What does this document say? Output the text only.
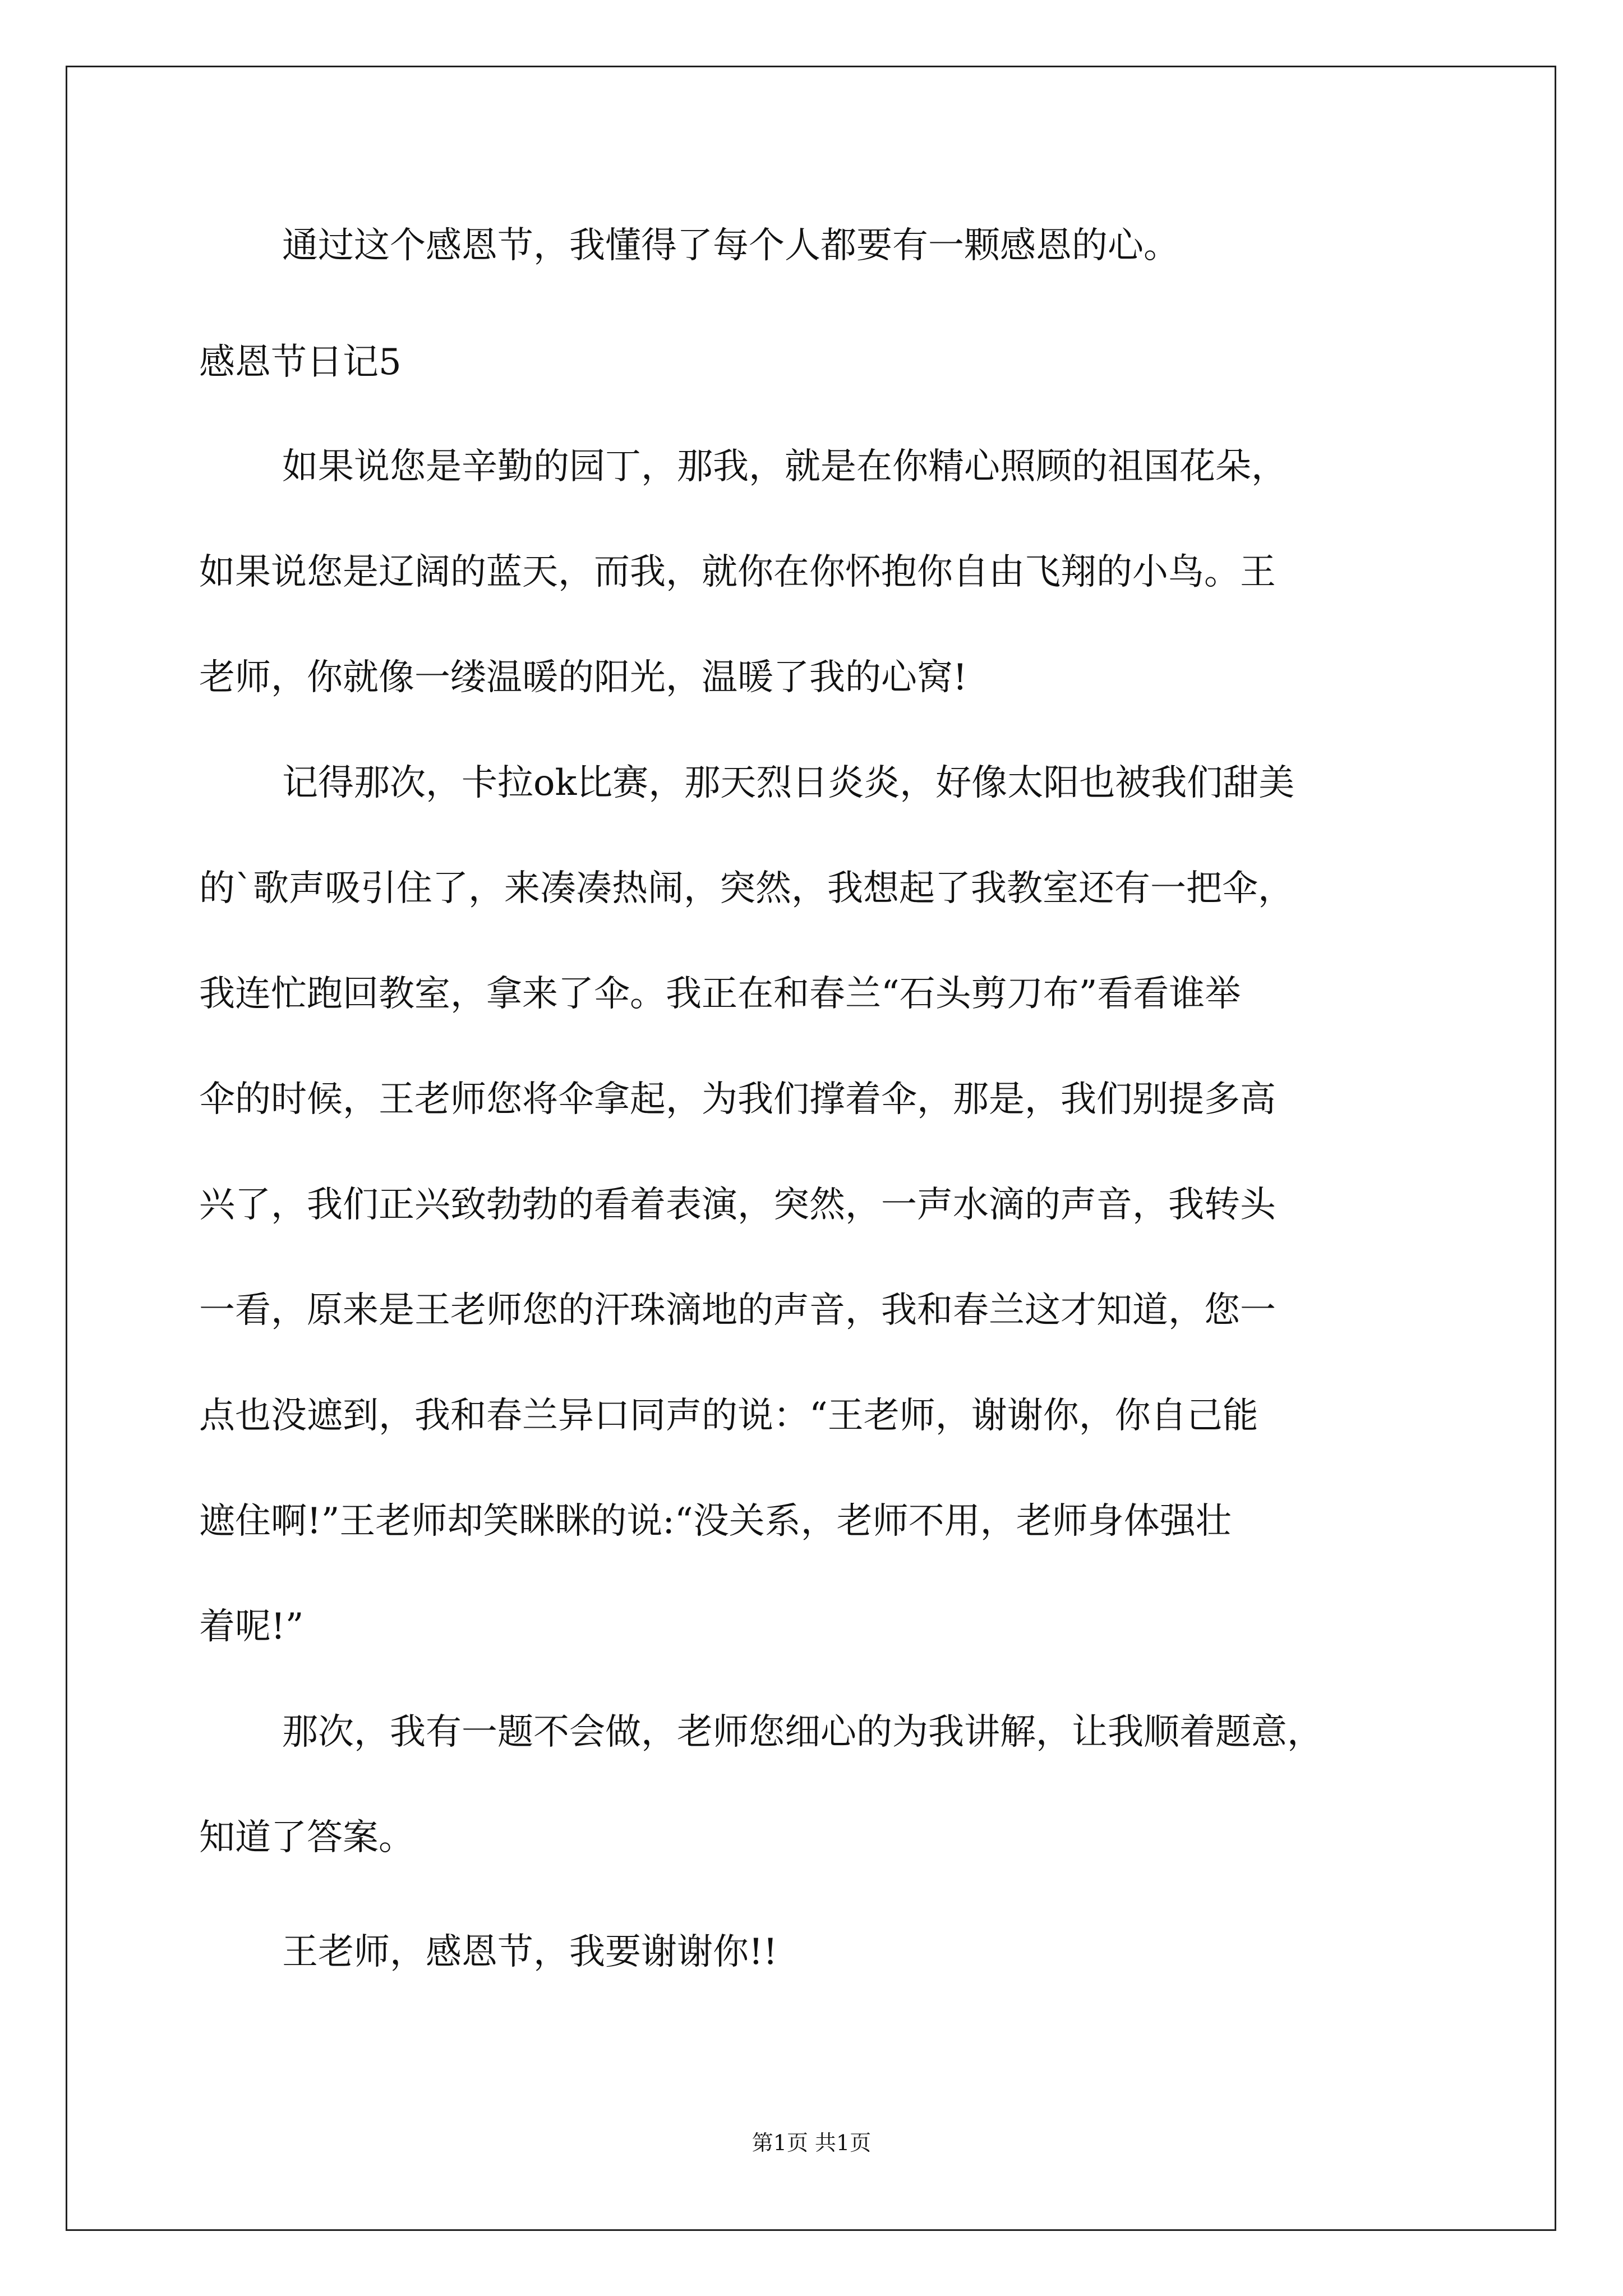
通过这个感恩节，我懂得了每个人都要有一颗感恩的心。
感恩节日记5
如果说您是辛勤的园丁，那我，就是在你精心照顾的祖国花朵，
如果说您是辽阔的蓝天，而我，就你在你怀抱你自由飞翔的小鸟。王
老师，你就像一缕温暖的阳光，温暖了我的心窝!
记得那次，卡拉ok比赛，那天烈日炎炎，好像太阳也被我们甜美
的`歌声吸引住了，来凑凑热闹，突然，我想起了我教室还有一把伞，
我连忙跑回教室，拿来了伞。我正在和春兰“石头剪刀布”看看谁举
伞的时候，王老师您将伞拿起，为我们撑着伞，那是，我们别提多高
兴了，我们正兴致勃勃的看着表演，突然，一声水滴的声音，我转头
一看，原来是王老师您的汗珠滴地的声音，我和春兰这才知道，您一
点也没遮到，我和春兰异口同声的说：“王老师，谢谢你，你自己能
遮住啊!”王老师却笑眯眯的说:“没关系，老师不用，老师身体强壮
着呢!”
那次，我有一题不会做，老师您细心的为我讲解，让我顺着题意，
知道了答案。
王老师，感恩节，我要谢谢你!!
第1页 共1页
